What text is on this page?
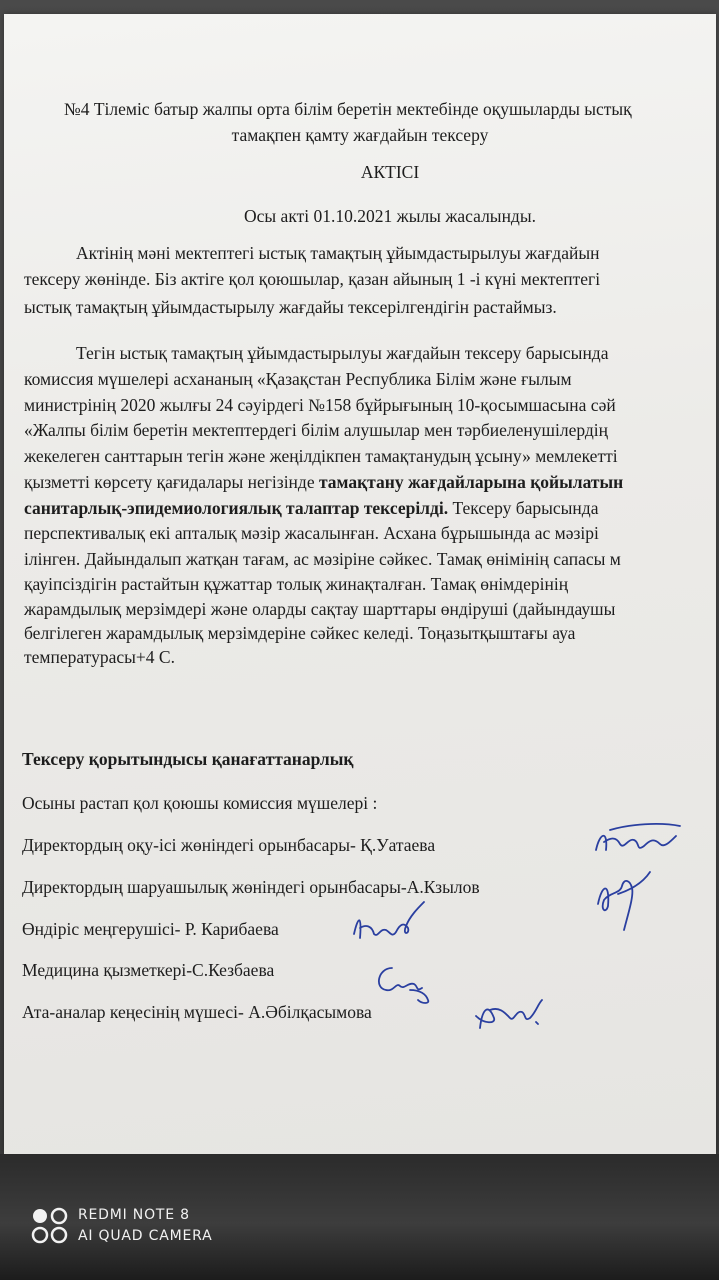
№4 Тілеміс батыр жалпы орта білім беретін мектебінде оқушыларды ыстық
тамақпен қамту жағдайын тексеру
АКТІСІ
Осы акті 01.10.2021 жылы жасалынды.
Актінің мәні мектептегі ыстық тамақтың ұйымдастырылуы жағдайын
тексеру жөнінде. Біз актіге қол қоюшылар, қазан айының 1 -і күні мектептегі
ыстық тамақтың ұйымдастырылу жағдайы тексерілгендігін растаймыз.
Тегін ыстық тамақтың ұйымдастырылуы жағдайын тексеру барысында
комиссия мүшелері асхананың «Қазақстан Республика Білім және ғылым
министрінің 2020 жылғы 24 сәуірдегі №158 бұйрығының 10-қосымшасына сәй
«Жалпы білім беретін мектептердегі білім алушылар мен тәрбиеленушілердің
жекелеген санттарын тегін және жеңілдікпен тамақтанудың ұсыну» мемлекетті
қызметті көрсету қағидалары негізінде тамақтану жағдайларына қойылатын
санитарлық-эпидемиологиялық талаптар тексерілді. Тексеру барысында
перспективалық екі апталық мәзір жасалынған. Асхана бұрышында ас мәзірі
ілінген. Дайындалып жатқан тағам, ас мәзіріне сәйкес. Тамақ өнімінің сапасы м
қауіпсіздігін растайтын құжаттар толық жинақталған. Тамақ өнімдерінің
жарамдылық мерзімдері және оларды сақтау шарттары өндіруші (дайындаушы
белгілеген жарамдылық мерзімдеріне сәйкес келеді. Тоңазытқыштағы ауа
температурасы+4 С.
Тексеру қорытындысы қанағаттанарлық
Осыны растап қол қоюшы комиссия мүшелері :
Директордың оқу-ісі жөніндегі орынбасары- Қ.Уатаева
Директордың шаруашылық жөніндегі орынбасары-А.Кзылов
Өндіріс меңгерушісі- Р. Карибаева
Медицина қызметкері-С.Кезбаева
Ата-аналар кеңесінің мүшесі- А.Әбілқасымова
REDMI NOTE 8
AI QUAD CAMERA
